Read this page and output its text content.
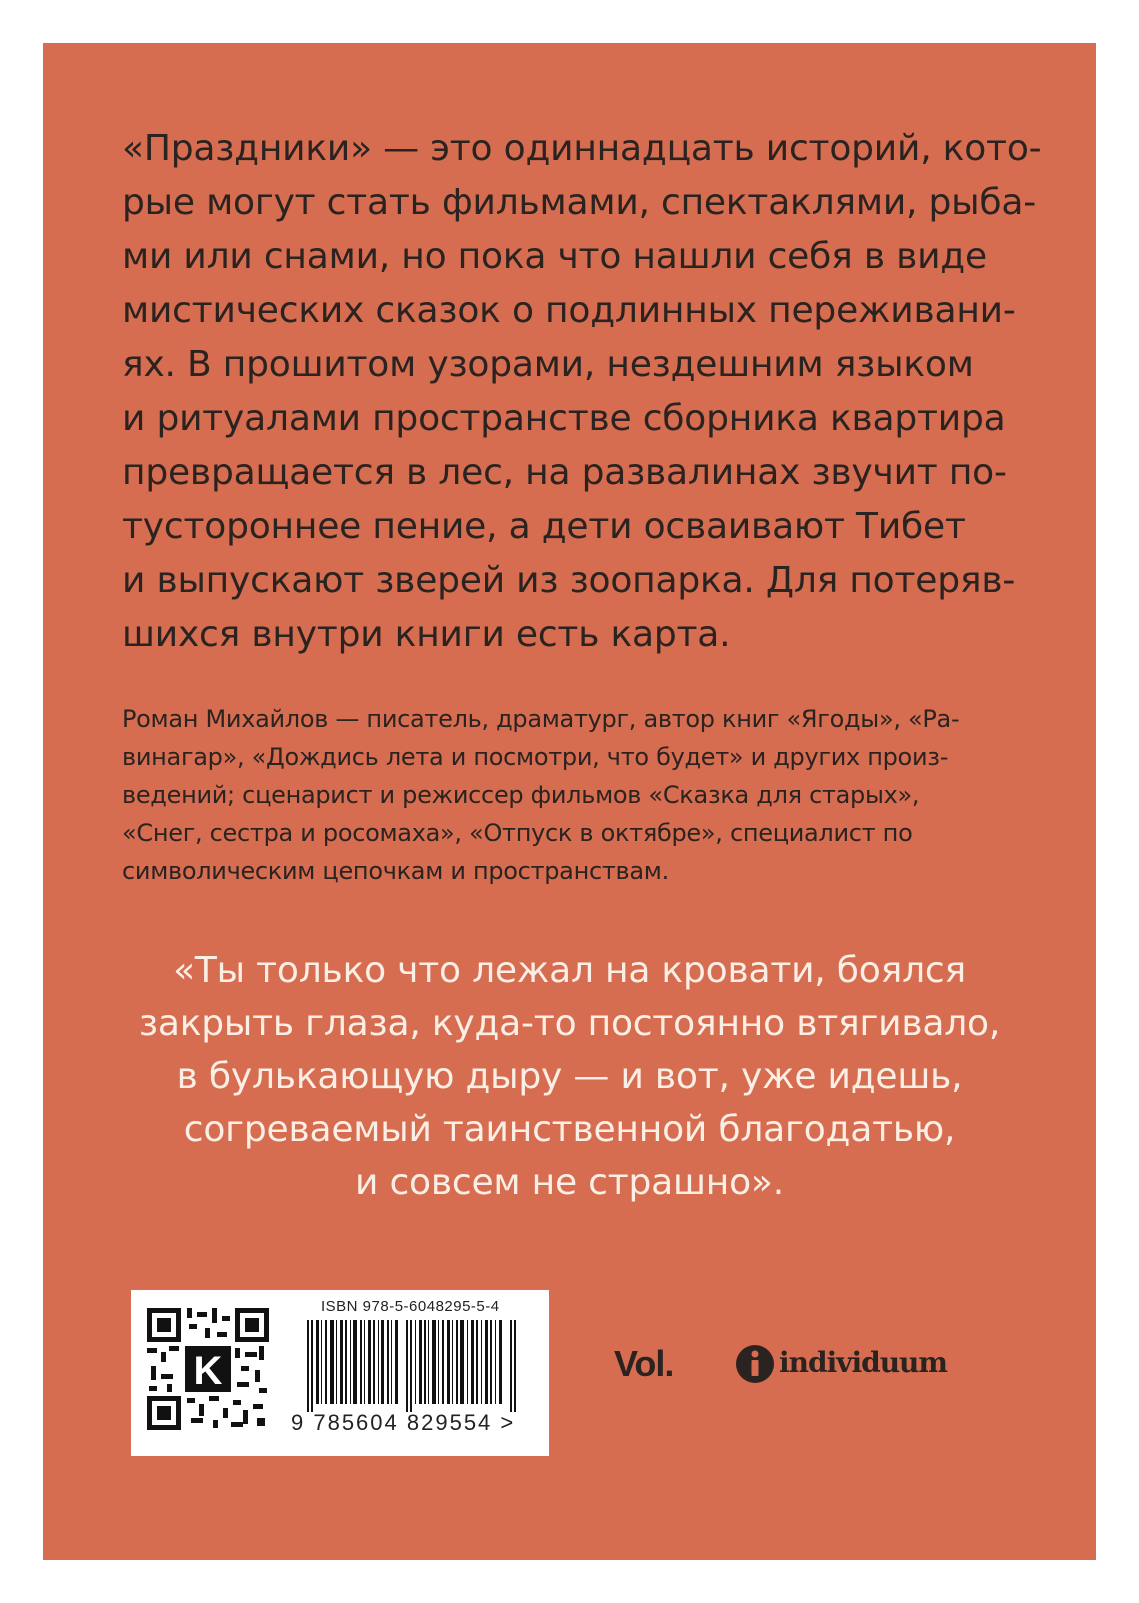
«Праздники» — это одиннадцать историй, кото-
рые могут стать фильмами, спектаклями, рыба-
ми или снами, но пока что нашли себя в виде
мистических сказок о подлинных переживани-
ях. В прошитом узорами, нездешним языком
и ритуалами пространстве сборника квартира
превращается в лес, на развалинах звучит по-
тустороннее пение, а дети осваивают Тибет
и выпускают зверей из зоопарка. Для потеряв-
шихся внутри книги есть карта.
Роман Михайлов — писатель, драматург, автор книг «Ягоды», «Ра-
винагар», «Дождись лета и посмотри, что будет» и других произ-
ведений; сценарист и режиссер фильмов «Сказка для старых»,
«Снег, сестра и росомаха», «Отпуск в октябре», специалист по
символическим цепочкам и пространствам.
«Ты только что лежал на кровати, боялся
закрыть глаза, куда-то постоянно втягивало,
в булькающую дыру — и вот, уже идешь,
согреваемый таинственной благодатью,
и совсем не страшно».
K
ISBN 978-5-6048295-5-4
9 785604 829554 >
Vol.	individuum
